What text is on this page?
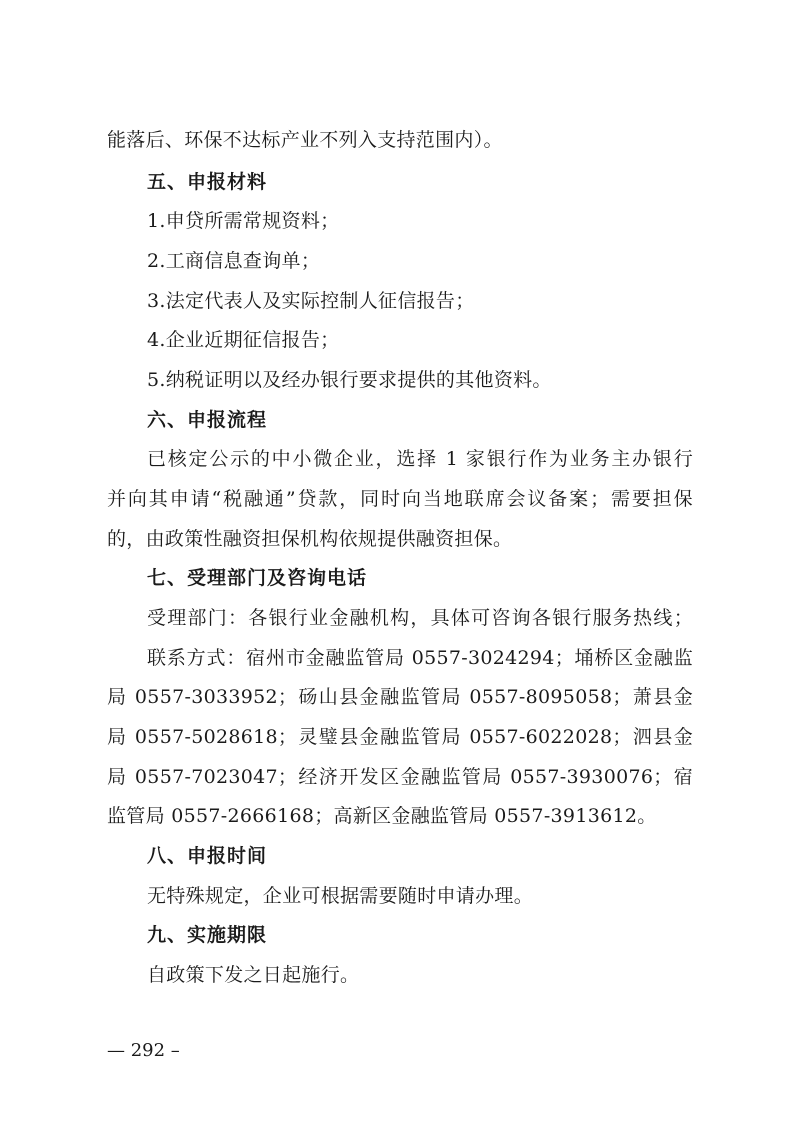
能落后、环保不达标产业不列入支持范围内）。
五、申报材料
1.申贷所需常规资料；
2.工商信息查询单；
3.法定代表人及实际控制人征信报告；
4.企业近期征信报告；
5.纳税证明以及经办银行要求提供的其他资料。
六、申报流程
已核定公示的中小微企业，选择 1 家银行作为业务主办银行
并向其申请“税融通”贷款，同时向当地联席会议备案；需要担保
的，由政策性融资担保机构依规提供融资担保。
七、受理部门及咨询电话
受理部门：各银行业金融机构，具体可咨询各银行服务热线；
联系方式：宿州市金融监管局 0557-3024294；埇桥区金融监
局 0557-3033952；砀山县金融监管局 0557-8095058；萧县金
局 0557-5028618；灵璧县金融监管局 0557-6022028；泗县金
局 0557-7023047；经济开发区金融监管局 0557-3930076；宿
监管局 0557-2666168；高新区金融监管局 0557-3913612。
八、申报时间
无特殊规定，企业可根据需要随时申请办理。
九、实施期限
自政策下发之日起施行。
— 292 –
